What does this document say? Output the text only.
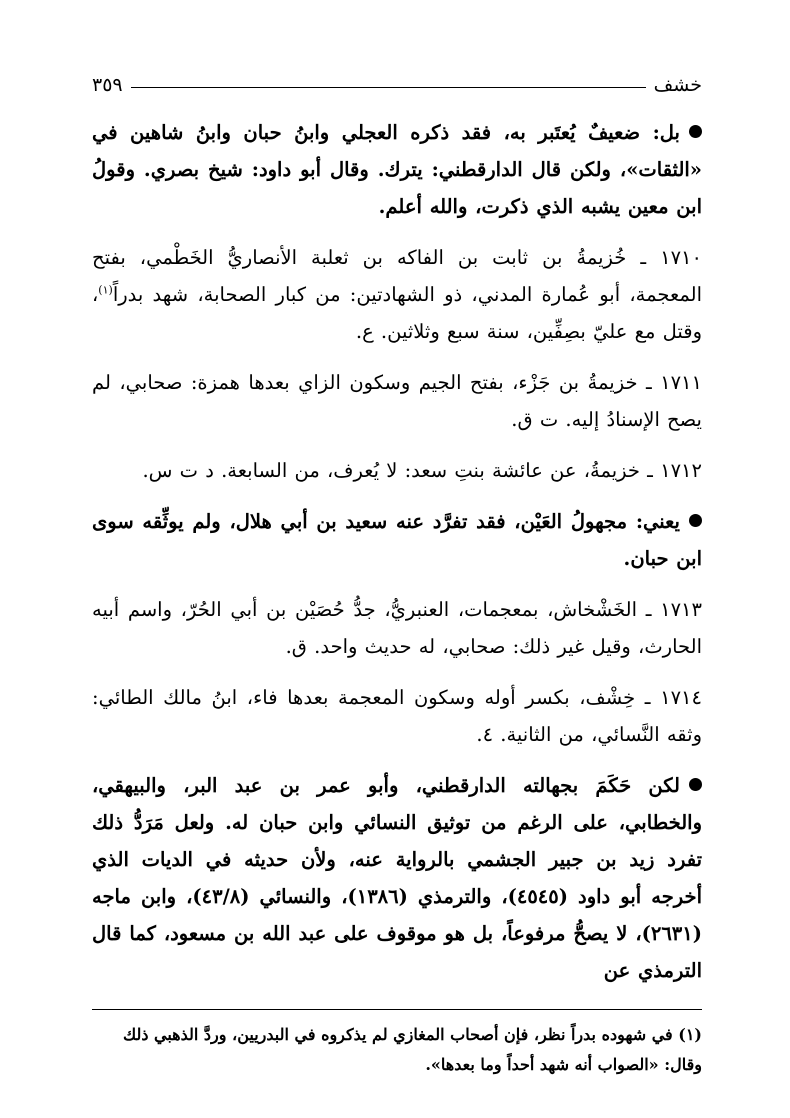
خشف
٣٥٩

بل: ضعيفٌ يُعتَبر به، فقد ذكره العجلي وابنُ حبان وابنُ شاهين في «الثقات»، ولكن قال الدارقطني: يترك. وقال أبو داود: شيخ بصري. وقولُ ابن معين يشبه الذي ذكرت، والله أعلم.

١٧١٠ ـ خُزيمةُ بن ثابت بن الفاكه بن ثعلبة الأنصاريُّ الخَطْمي، بفتح المعجمة، أبو عُمارة المدني، ذو الشهادتين: من كبار الصحابة، شهد بدراً$^{(١)}$، وقتل مع عليّ بصِفِّين، سنة سبع وثلاثين. ع.

١٧١١ ـ خزيمةُ بن جَزْء، بفتح الجيم وسكون الزاي بعدها همزة: صحابي، لم يصح الإسنادُ إليه. ت ق.

١٧١٢ ـ خزيمةُ، عن عائشة بنتِ سعد: لا يُعرف، من السابعة. د ت س.

يعني: مجهولُ العَيْن، فقد تفرَّد عنه سعيد بن أبي هلال، ولم يوثِّقه سوى ابن حبان.

١٧١٣ ـ الخَشْخاش، بمعجمات، العنبريُّ، جدُّ حُصَيْن بن أبي الحُرّ، واسم أبيه الحارث، وقيل غير ذلك: صحابي، له حديث واحد. ق.

١٧١٤ ـ خِشْف، بكسر أوله وسكون المعجمة بعدها فاء، ابنُ مالك الطائي: وثقه النَّسائي، من الثانية. ٤.

لكن حَكَمَ بجهالته الدارقطني، وأبو عمر بن عبد البر، والبيهقي، والخطابي، على الرغم من توثيق النسائي وابن حبان له. ولعل مَرَدُّ ذلك تفرد زيد بن جبير الجشمي بالرواية عنه، ولأن حديثه في الديات الذي أخرجه أبو داود (٤٥٤٥)، والترمذي (١٣٨٦)، والنسائي (٤٣/٨)، وابن ماجه (٢٦٣١)، لا يصحُّ مرفوعاً، بل هو موقوف على عبد الله بن مسعود، كما قال الترمذي عن

(١) في شهوده بدراً نظر، فإن أصحاب المغازي لم يذكروه في البدريين، وردَّ الذهبي ذلك وقال: «الصواب أنه شهد أحداً وما بعدها».
